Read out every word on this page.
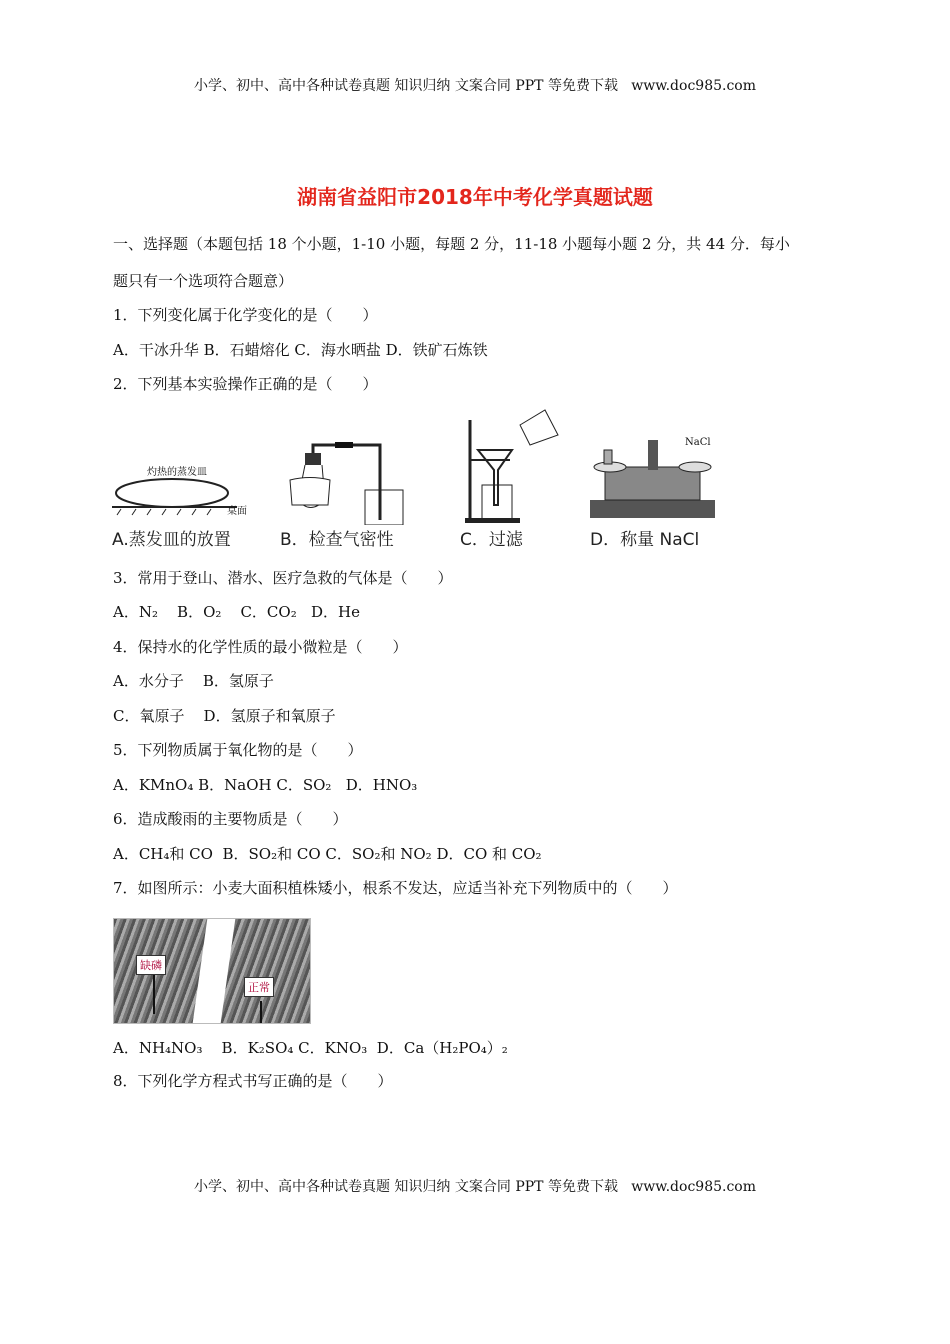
小学、初中、高中各种试卷真题 知识归纳 文案合同 PPT 等免费下载   www.doc985.com
湖南省益阳市2018年中考化学真题试题
一、选择题（本题包括 18 个小题，1-10 小题，每题 2 分，11-18 小题每小题 2 分，共 44 分．每小
题只有一个选项符合题意）
1．下列变化属于化学变化的是（　　）
A．干冰升华 B．石蜡熔化 C．海水晒盐 D．铁矿石炼铁
2．下列基本实验操作正确的是（　　）
灼热的蒸发皿
桌面
A.蒸发皿的放置	B．检查气密性	C．过滤
NaCl
D．称量 NaCl
3．常用于登山、潜水、医疗急救的气体是（　　）
A．N₂    B．O₂    C．CO₂   D．He
4．保持水的化学性质的最小微粒是（　　）
A．水分子    B．氢原子
C．氧原子    D．氢原子和氧原子
5．下列物质属于氧化物的是（　　）
A．KMnO₄ B．NaOH C．SO₂   D．HNO₃
6．造成酸雨的主要物质是（　　）
A．CH₄和 CO  B．SO₂和 CO C．SO₂和 NO₂ D．CO 和 CO₂
7．如图所示：小麦大面积植株矮小，根系不发达，应适当补充下列物质中的（　　）
缺磷
正常
A．NH₄NO₃    B．K₂SO₄ C．KNO₃  D．Ca（H₂PO₄）₂
8．下列化学方程式书写正确的是（　　）
小学、初中、高中各种试卷真题 知识归纳 文案合同 PPT 等免费下载   www.doc985.com
